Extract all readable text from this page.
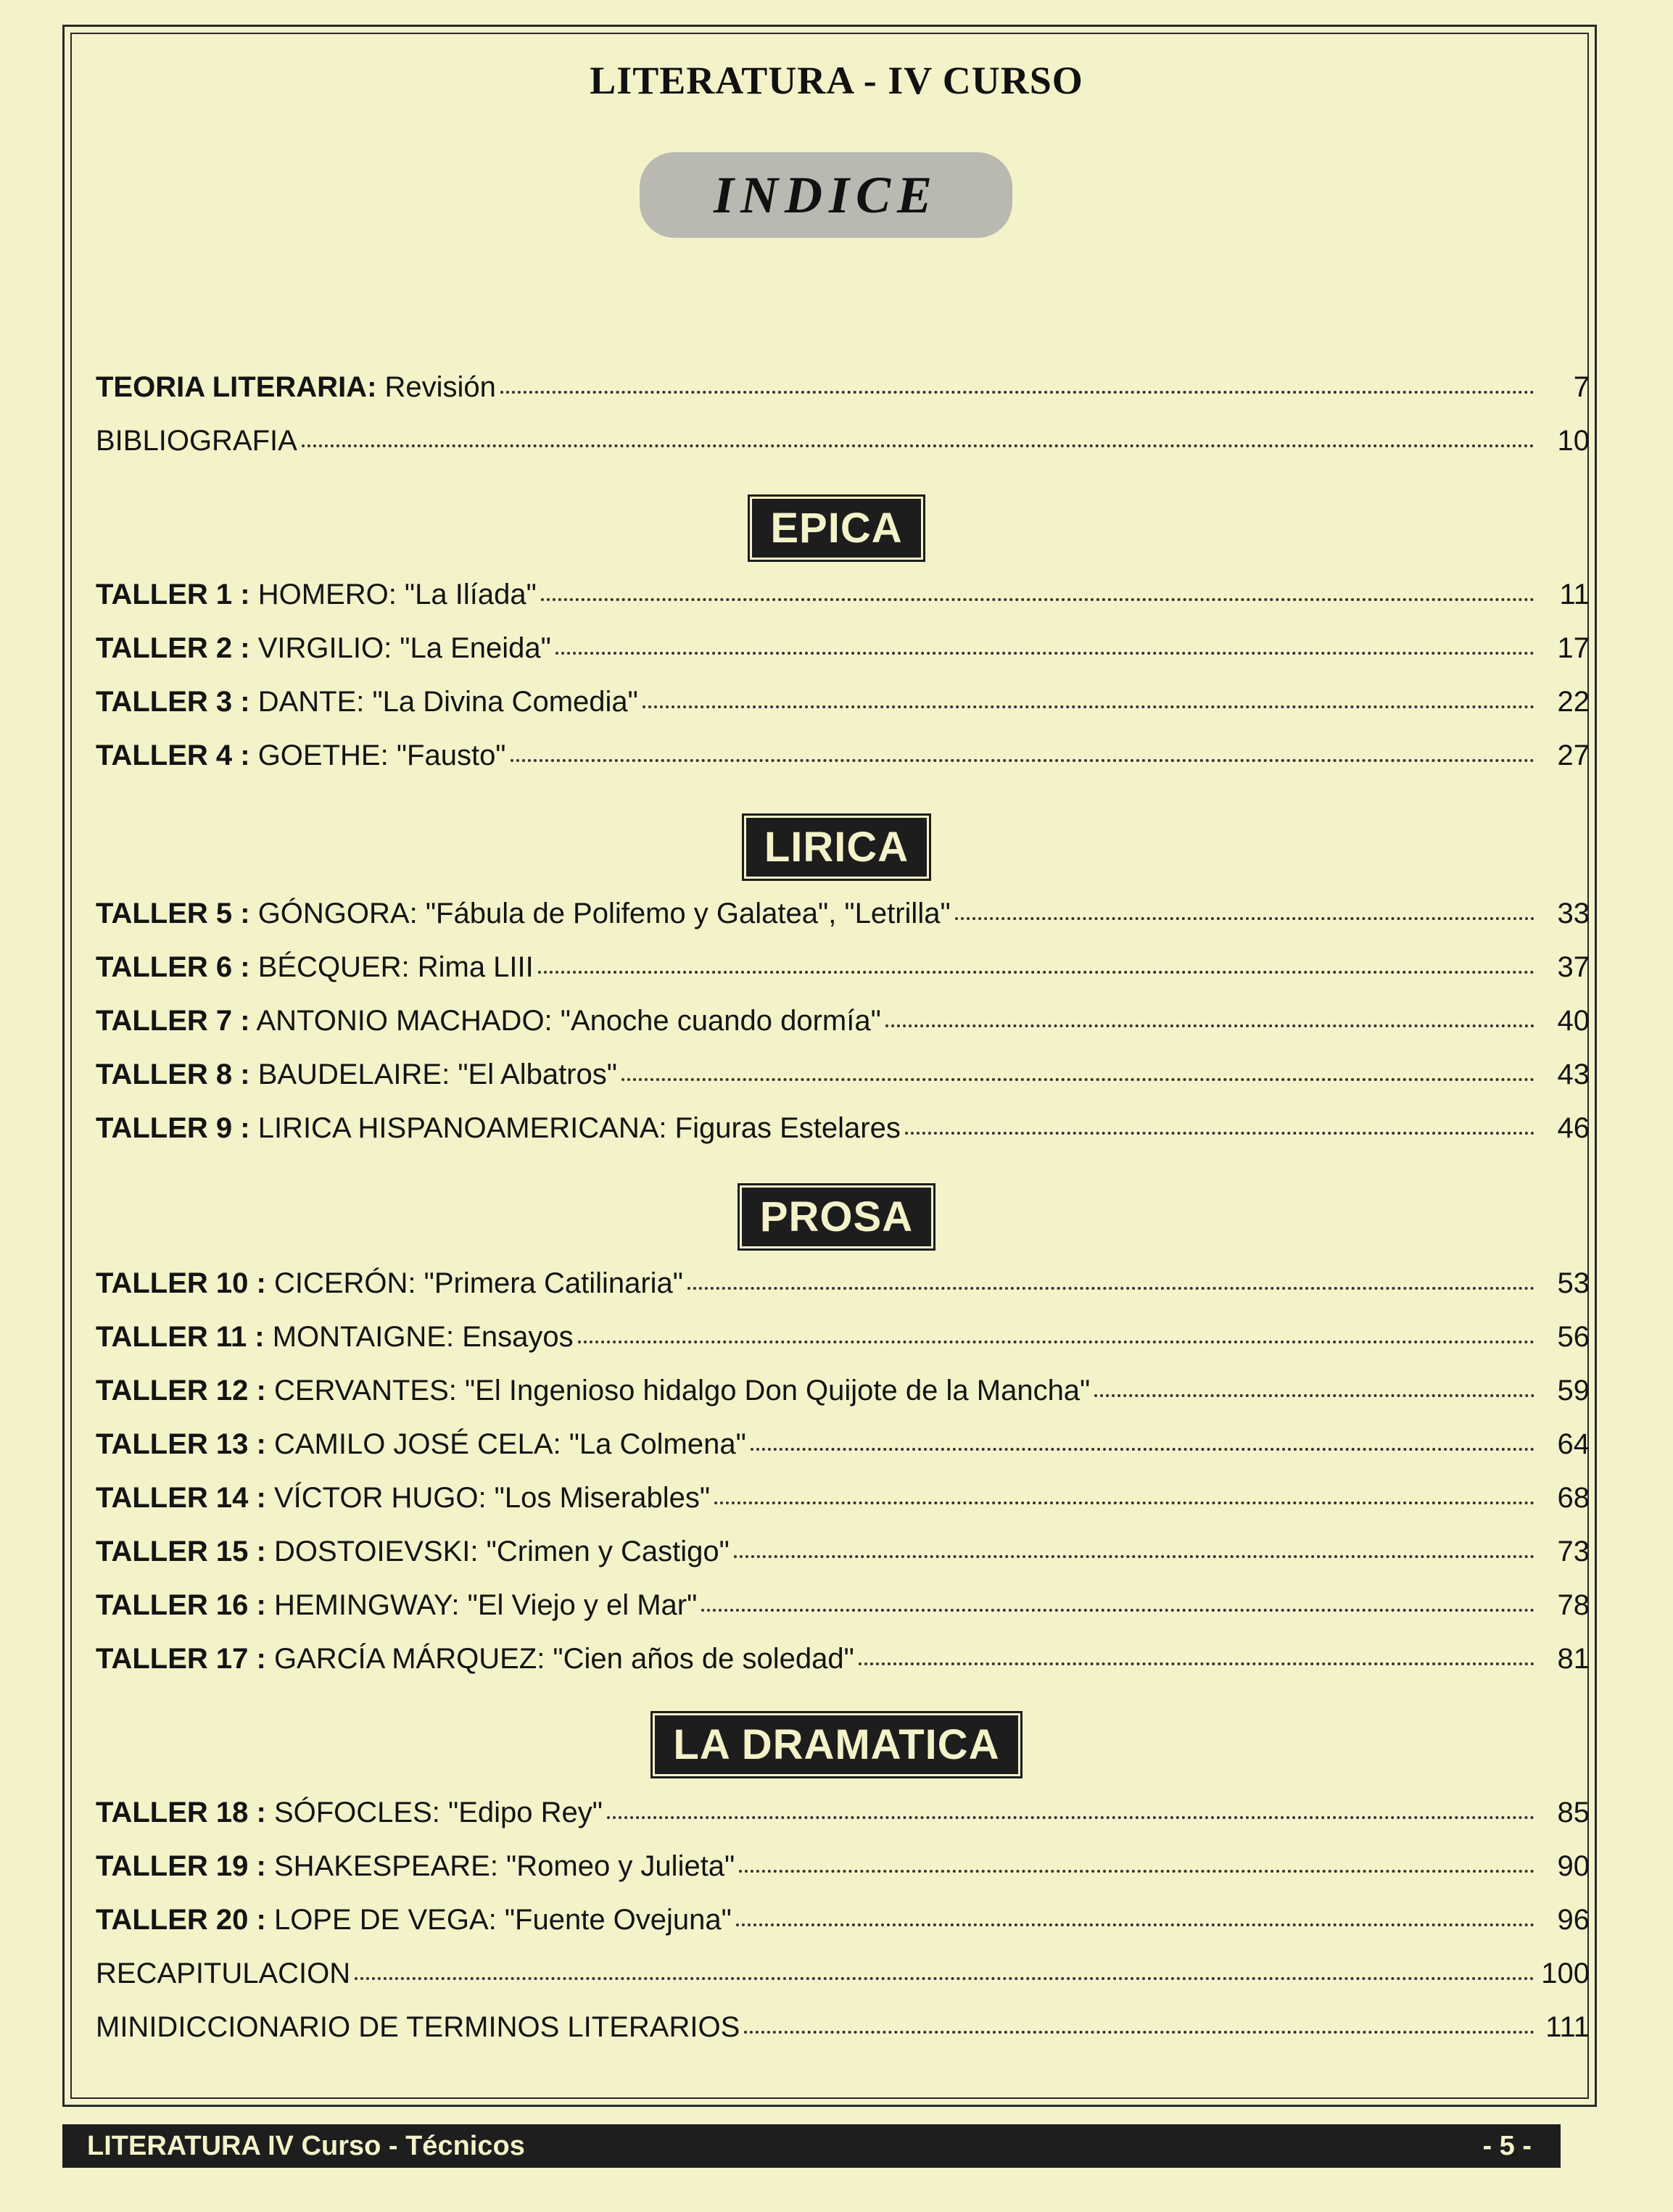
LITERATURA - IV CURSO
INDICE
TEORIA LITERARIA: Revisión	7
BIBLIOGRAFIA	10
EPICA
TALLER 1 : HOMERO: "La Ilíada"	11
TALLER 2 : VIRGILIO: "La Eneida"	17
TALLER 3 : DANTE: "La Divina Comedia"	22
TALLER 4 : GOETHE: "Fausto"	27
LIRICA
TALLER 5 : GÓNGORA: "Fábula de Polifemo y Galatea", "Letrilla"	33
TALLER 6 : BÉCQUER: Rima LIII	37
TALLER 7 : ANTONIO MACHADO: "Anoche cuando dormía"	40
TALLER 8 : BAUDELAIRE: "El Albatros"	43
TALLER 9 : LIRICA HISPANOAMERICANA: Figuras Estelares	46
PROSA
TALLER 10 : CICERÓN: "Primera Catilinaria"	53
TALLER 11 : MONTAIGNE: Ensayos	56
TALLER 12 : CERVANTES: "El Ingenioso hidalgo Don Quijote de la Mancha"	59
TALLER 13 : CAMILO JOSÉ CELA: "La Colmena"	64
TALLER 14 : VÍCTOR HUGO: "Los Miserables"	68
TALLER 15 : DOSTOIEVSKI: "Crimen y Castigo"	73
TALLER 16 : HEMINGWAY: "El Viejo y el Mar"	78
TALLER 17 : GARCÍA MÁRQUEZ: "Cien años de soledad"	81
LA DRAMATICA
TALLER 18 : SÓFOCLES: "Edipo Rey"	85
TALLER 19 : SHAKESPEARE: "Romeo y Julieta"	90
TALLER 20 : LOPE DE VEGA: "Fuente Ovejuna"	96
RECAPITULACION	100
MINIDICCIONARIO DE TERMINOS LITERARIOS	111
LITERATURA IV Curso - Técnicos	- 5 -
